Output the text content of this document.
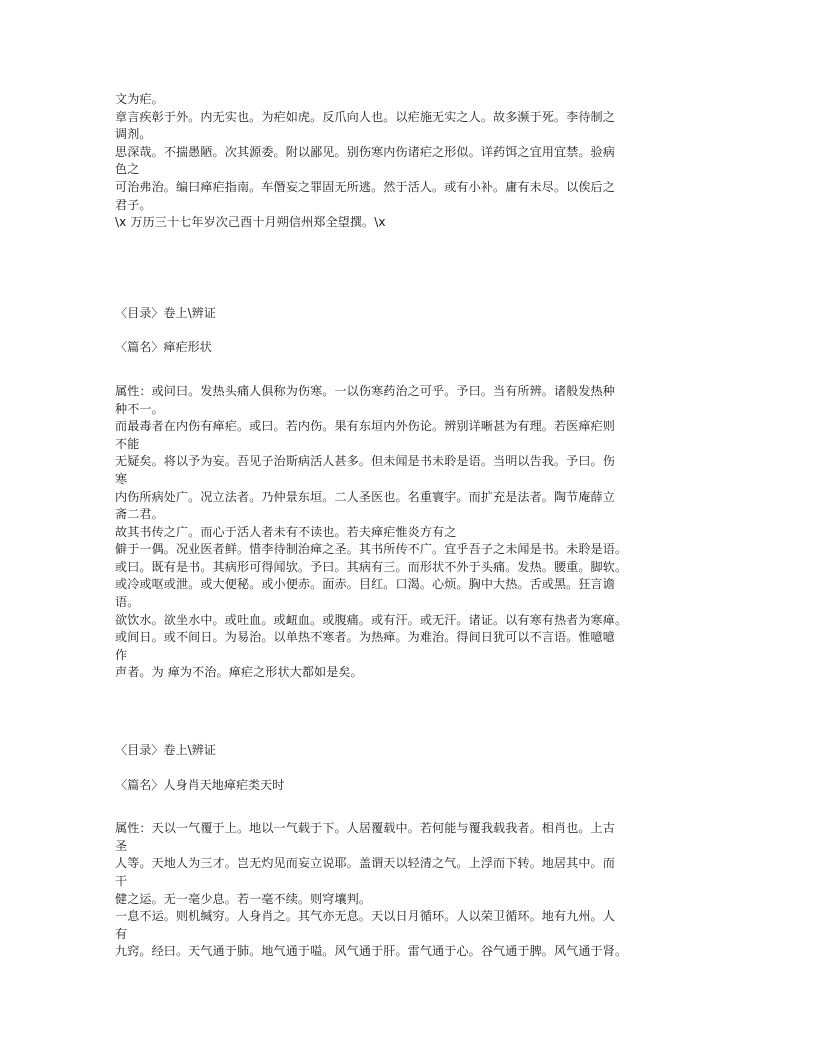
文为疟。
章言疾彰于外。内无实也。为疟如虎。反爪向人也。以疟施无实之人。故多濒于死。李待制之
调剂。
思深哉。不揣愚陋。次其源委。附以鄙见。别伤寒内伤诸疟之形似。详药饵之宜用宜禁。验病
色之
可治弗治。编曰瘅疟指南。车僭妄之罪固无所逃。然于活人。或有小补。庸有未尽。以俟后之
君子。
\x 万历三十七年岁次己酉十月朔信州郑全望撰。\x
〈目录〉卷上\辨证
〈篇名〉瘅疟形状
属性：或问曰。发热头痛人俱称为伤寒。一以伤寒药治之可乎。予曰。当有所辨。诸般发热种
种不一。
而最毒者在内伤有瘅疟。或曰。若内伤。果有东垣内外伤论。辨别详晰甚为有理。若医瘅疟则
不能
无疑矣。将以予为妄。吾见子治斯病活人甚多。但未闻是书未聆是语。当明以告我。予曰。伤
寒
内伤所病处广。况立法者。乃仲景东垣。二人圣医也。名重寰宇。而扩充是法者。陶节庵薛立
斋二君。
故其书传之广。而心于活人者未有不读也。若夫瘅疟惟炎方有之
僻于一偶。况业医者鲜。惜李待制治瘅之圣。其书所传不广。宜乎吾子之未闻是书。未聆是语。
或曰。既有是书。其病形可得闻欤。予曰。其病有三。而形状不外于头痛。发热。腰重。脚软。
或冷或呕或泄。或大便秘。或小便赤。面赤。目红。口渴。心烦。胸中大热。舌或黑。狂言谵
语。
欲饮水。欲坐水中。或吐血。或衄血。或腹痛。或有汗。或无汗。诸证。以有寒有热者为寒瘅。
或间日。或不间日。为易治。以单热不寒者。为热瘅。为难治。得间日犹可以不言语。惟噫噫
作
声者。为 瘅为不治。瘅疟之形状大都如是矣。
〈目录〉卷上\辨证
〈篇名〉人身肖天地瘅疟类天时
属性：天以一气覆于上。地以一气载于下。人居覆载中。若何能与覆我载我者。相肖也。上古
圣
人等。天地人为三才。岂无灼见而妄立说耶。盖谓天以轻清之气。上浮而下转。地居其中。而
干
健之运。无一毫少息。若一毫不续。则穹壤判。
一息不运。则机缄穷。人身肖之。其气亦无息。天以日月循环。人以荣卫循环。地有九州。人
有
九窍。经曰。天气通于肺。地气通于嗌。风气通于肝。雷气通于心。谷气通于脾。风气通于肾。
